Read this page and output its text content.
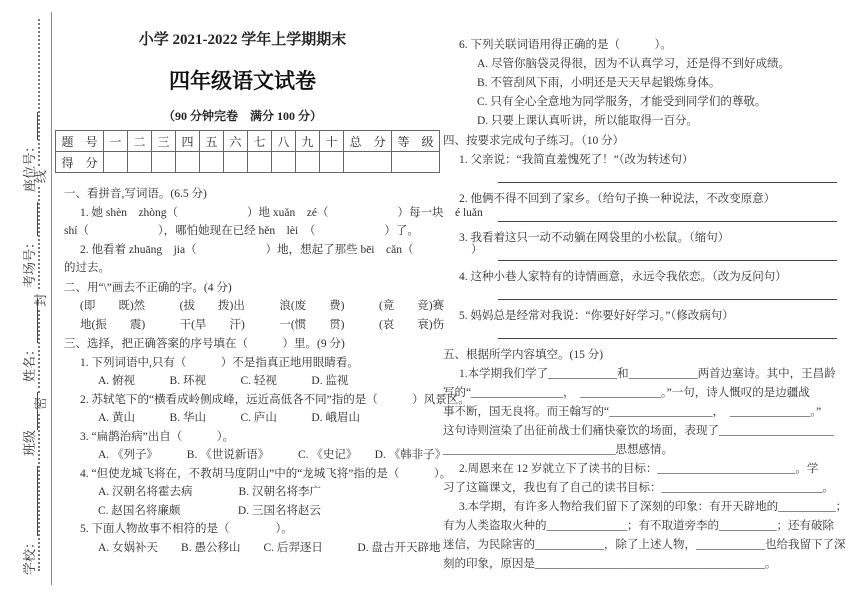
学校：
班级
姓名：
考场号：
座位号：
密
封
线
小学 2021-2022 学年上学期期末
四年级语文试卷
（90 分钟完卷　满分 100 分）
题　号	一	二	三	四	五	六	七	八	九	十	总　分	等　级
得　分												
一、看拼音,写词语。(6.5 分)
1. 她 shèn　zhòng（　　　　　　）地 xuǎn　zé（　　　　　　）每一块　é luǎn
shí（　　　　　　），哪怕她现在已经 hěn　lèi　（　　　　　　）了。
2. 他看着 zhuāng　jia（　　　　　　）地，想起了那些 bēi　cǎn（　　　　　）
的过去。
二、用“\”画去不正确的字。(4 分)
(即　　既)然　　　(拔　　拨)出　　　浪(废　　费)　　　(竟　　竞)赛
地(振　　震)　　　干(旱　　汗)　　　一(惯　　贯)　　　(哀　　衰)伤
三、选择，把正确答案的序号填在（　　　）里。(9 分)
1. 下列词语中,只有（　　　）不是指真正地用眼睛看。
A. 俯视　　　B. 环视　　　C. 轻视　　　D. 监视
2. 苏轼笔下的“横看成岭侧成峰，远近高低各不同”指的是（　　　）风景区。
A. 黄山　　　B. 华山　　　C. 庐山　　　D. 峨眉山
3. “扁鹊治病”出自（　　　）。
A. 《列子》　　　B. 《世说新语》　　　C. 《史记》　　D. 《韩非子》
4. “但使龙城飞将在，不教胡马度阴山”中的“龙城飞将”指的是（　　　）。
A. 汉朝名将霍去病　　　　B. 汉朝名将李广
C. 赵国名将廉颇　　　　　D. 三国名将赵云
5. 下面人物故事不相符的是（　　　　）。
A. 女娲补天　　B. 愚公移山　　C. 后羿逐日　　　D. 盘古开天辟地
6. 下列关联词语用得正确的是（　　　）。
A. 尽管你脑袋灵得很，因为不认真学习，还是得不到好成绩。
B. 不管刮风下雨，小明还是天天早起锻炼身体。
C. 只有全心全意地为同学服务，才能受到同学们的尊敬。
D. 只要上课认真听讲，所以能取得一百分。
四、按要求完成句子练习。（10 分）
1. 父亲说：“我简直羞愧死了！”（改为转述句）
2. 他俩不得不回到了家乡。（给句子换一种说法，不改变原意）
3. 我看着这只一动不动躺在网袋里的小松鼠。（缩句）
4. 这种小巷人家特有的诗情画意，永远令我依恋。（改为反问句）
5. 妈妈总是经常对我说：“你要好好学习。”（修改病句）
五、根据所学内容填空。(15 分)
1.本学期我们学了____________和____________两首边塞诗。其中，王昌龄
写的“________________，　______________。”一句，诗人慨叹的是边疆战
事不断，国无良将。而王翰写的“__________________，　______________。”
这句诗则渲染了出征前战士们痛快豪饮的场面，表现了____________________
______________________________思想感情。
2.周恩来在 12 岁就立下了读书的目标：________________________。学
习了这篇课文，我也有了自己的读书目标：____________________________。
3.本学期，有许多人物给我们留下了深刻的印象：有开天辟地的__________；
有为人类盗取火种的______________；有不取道旁李的__________；还有破除
迷信，为民除害的____________，除了上述人物，____________也给我留下了深
刻的印象，原因是________________________________________。
